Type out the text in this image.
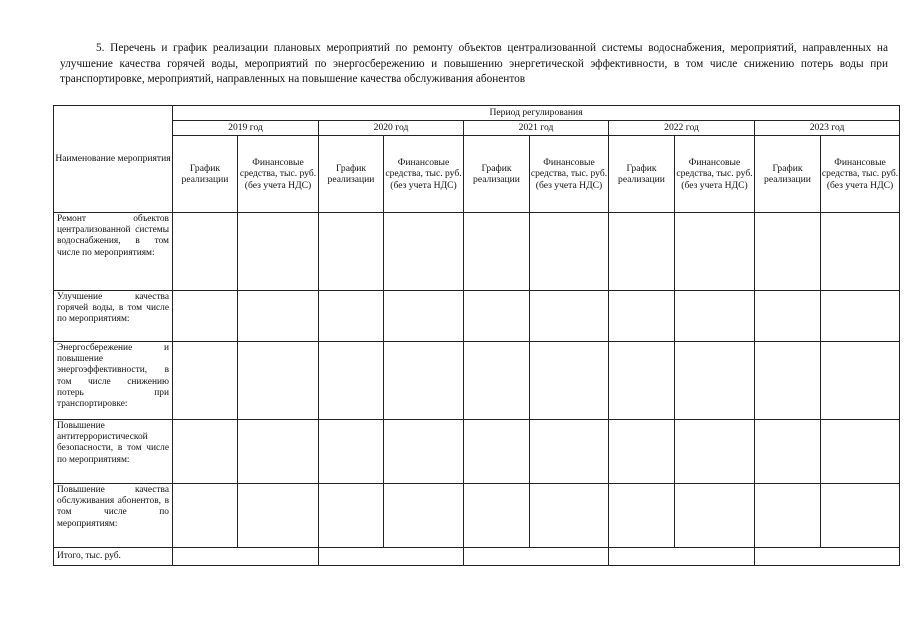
5. Перечень и график реализации плановых мероприятий по ремонту объектов централизованной системы водоснабжения, мероприятий, направленных на улучшение качества горячей воды, мероприятий по энергосбережению и повышению энергетической эффективности, в том числе снижению потерь воды при транспортировке, мероприятий, направленных на повышение качества обслуживания абонентов
Наименование мероприятия	Период регулирования									
	2019 год		2020 год		2021 год		2022 год		2023 год	
	График реализации	Финансовые средства, тыс. руб. (без учета НДС)	График реализации	Финансовые средства, тыс. руб. (без учета НДС)	График реализации	Финансовые средства, тыс. руб. (без учета НДС)	График реализации	Финансовые средства, тыс. руб. (без учета НДС)	График реализации	Финансовые средства, тыс. руб. (без учета НДС)
Ремонт объектов централизованной системы водоснабжения, в том числе по мероприятиям:										
Улучшение качества горячей воды, в том числе по мероприятиям:										
Энергосбережение и повышение энергоэффективности, в том числе снижению потерь при транспортировке:										
Повышение антитеррористической безопасности, в том числе по мероприятиям:										
Повышение качества обслуживания абонентов, в том числе по мероприятиям:										
Итого, тыс. руб.										
